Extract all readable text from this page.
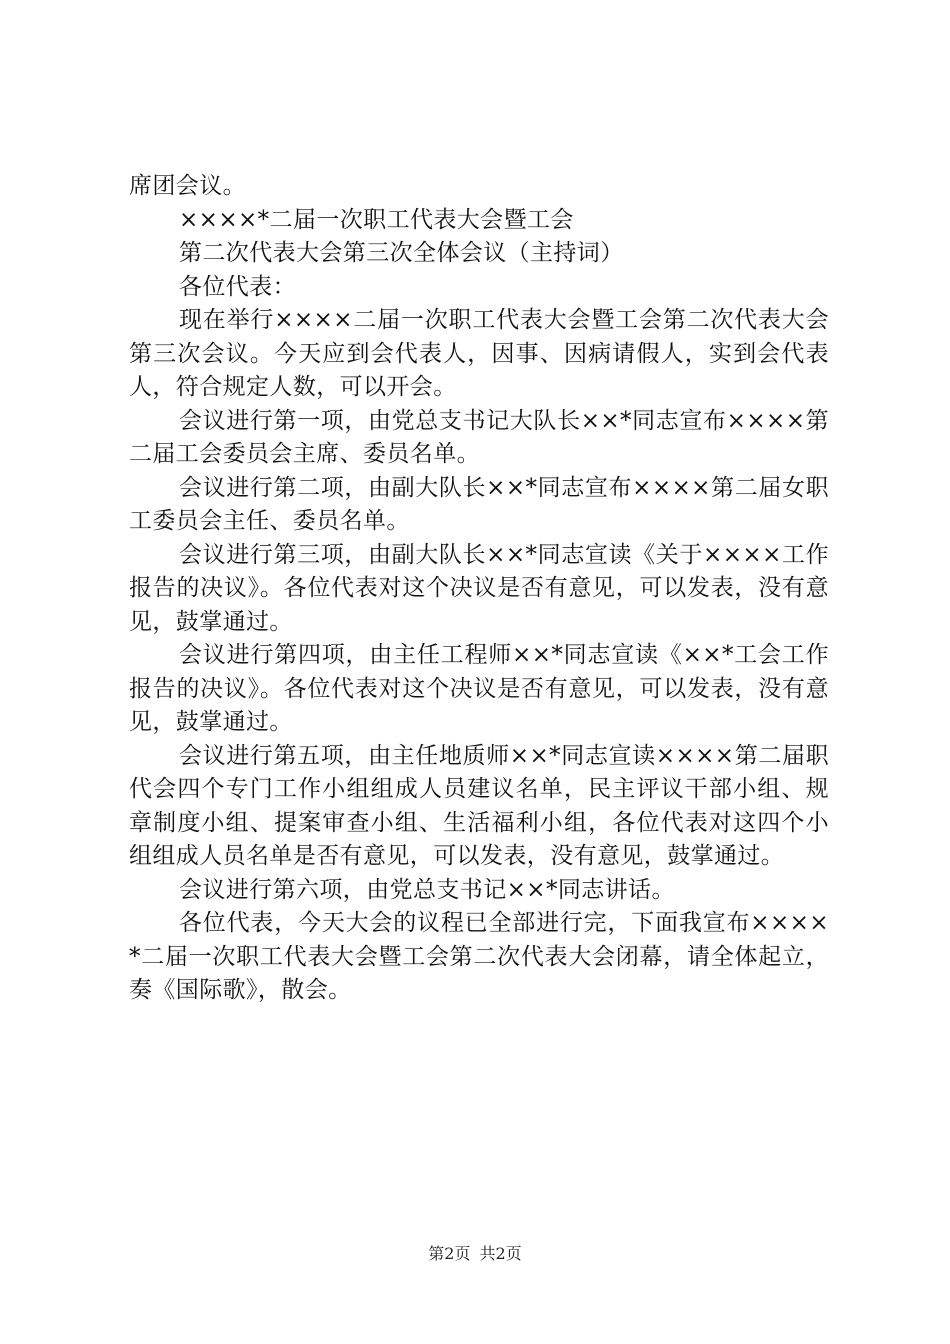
席团会议。

××××*二届一次职工代表大会暨工会

第二次代表大会第三次全体会议（主持词）

各位代表：

现在举行××××二届一次职工代表大会暨工会第二次代表大会第三次会议。今天应到会代表人，因事、因病请假人，实到会代表人，符合规定人数，可以开会。

会议进行第一项，由党总支书记大队长××*同志宣布××××第二届工会委员会主席、委员名单。

会议进行第二项，由副大队长××*同志宣布××××第二届女职工委员会主任、委员名单。

会议进行第三项，由副大队长××*同志宣读《关于××××工作报告的决议》。各位代表对这个决议是否有意见，可以发表，没有意见，鼓掌通过。

会议进行第四项，由主任工程师××*同志宣读《××*工会工作报告的决议》。各位代表对这个决议是否有意见，可以发表，没有意见，鼓掌通过。

会议进行第五项，由主任地质师××*同志宣读××××第二届职代会四个专门工作小组组成人员建议名单，民主评议干部小组、规章制度小组、提案审查小组、生活福利小组，各位代表对这四个小组组成人员名单是否有意见，可以发表，没有意见，鼓掌通过。

会议进行第六项，由党总支书记××*同志讲话。

各位代表，今天大会的议程已全部进行完，下面我宣布××××*二届一次职工代表大会暨工会第二次代表大会闭幕，请全体起立，奏《国际歌》，散会。

第2页 共2页
